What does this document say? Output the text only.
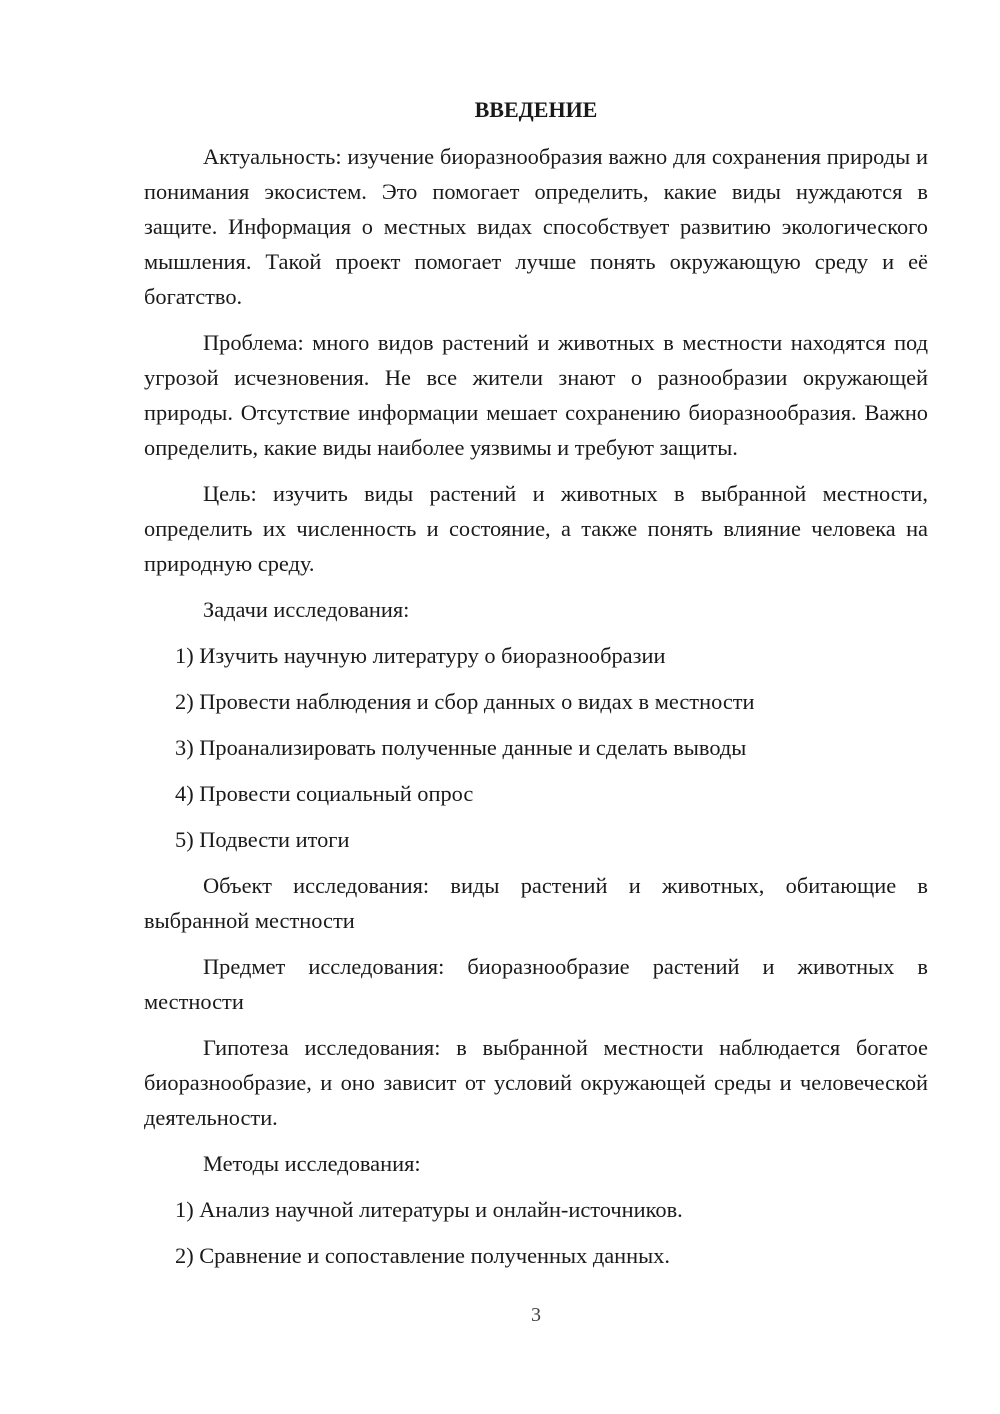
ВВЕДЕНИЕ

Актуальность: изучение биоразнообразия важно для сохранения природы и понимания экосистем. Это помогает определить, какие виды нуждаются в защите. Информация о местных видах способствует развитию экологического мышления. Такой проект помогает лучше понять окружающую среду и её богатство.

Проблема: много видов растений и животных в местности находятся под угрозой исчезновения. Не все жители знают о разнообразии окружающей природы. Отсутствие информации мешает сохранению биоразнообразия. Важно определить, какие виды наиболее уязвимы и требуют защиты.

Цель: изучить виды растений и животных в выбранной местности, определить их численность и состояние, а также понять влияние человека на природную среду.

Задачи исследования:

1) Изучить научную литературу о биоразнообразии
2) Провести наблюдения и сбор данных о видах в местности
3) Проанализировать полученные данные и сделать выводы
4) Провести социальный опрос
5) Подвести итоги

Объект исследования: виды растений и животных, обитающие в выбранной местности

Предмет исследования: биоразнообразие растений и животных в местности

Гипотеза исследования: в выбранной местности наблюдается богатое биоразнообразие, и оно зависит от условий окружающей среды и человеческой деятельности.

Методы исследования:

1) Анализ научной литературы и онлайн-источников.
2) Сравнение и сопоставление полученных данных.
3
